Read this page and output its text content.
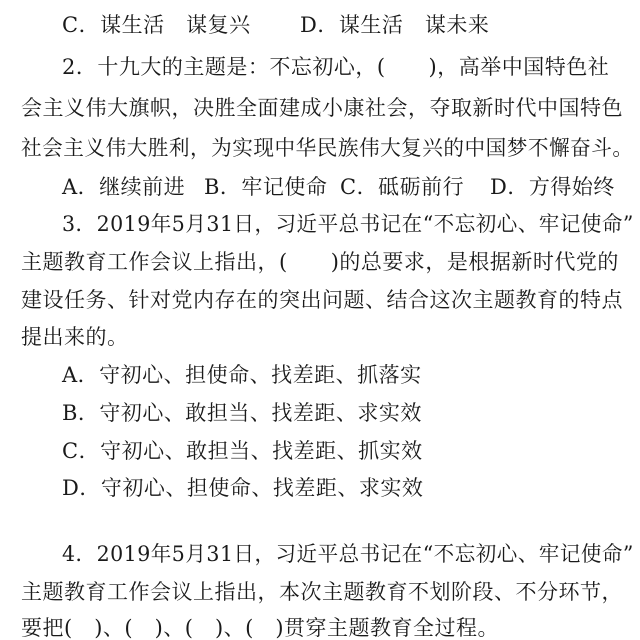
C．谋生活　谋复兴 D．谋生活　谋未来
2．十九大的主题是：不忘初心，(　　)，高举中国特色社
会主义伟大旗帜，决胜全面建成小康社会，夺取新时代中国特色
社会主义伟大胜利，为实现中华民族伟大复兴的中国梦不懈奋斗。
A．继续前进 B．牢记使命 C．砥砺前行 D．方得始终
3．2019年5月31日，习近平总书记在“不忘初心、牢记使命”
主题教育工作会议上指出，(　　)的总要求，是根据新时代党的
建设任务、针对党内存在的突出问题、结合这次主题教育的特点
提出来的。
A．守初心、担使命、找差距、抓落实
B．守初心、敢担当、找差距、求实效
C．守初心、敢担当、找差距、抓实效
D．守初心、担使命、找差距、求实效
4．2019年5月31日，习近平总书记在“不忘初心、牢记使命”
主题教育工作会议上指出，本次主题教育不划阶段、不分环节，
要把(　)、(　)、(　)、(　)贯穿主题教育全过程。
